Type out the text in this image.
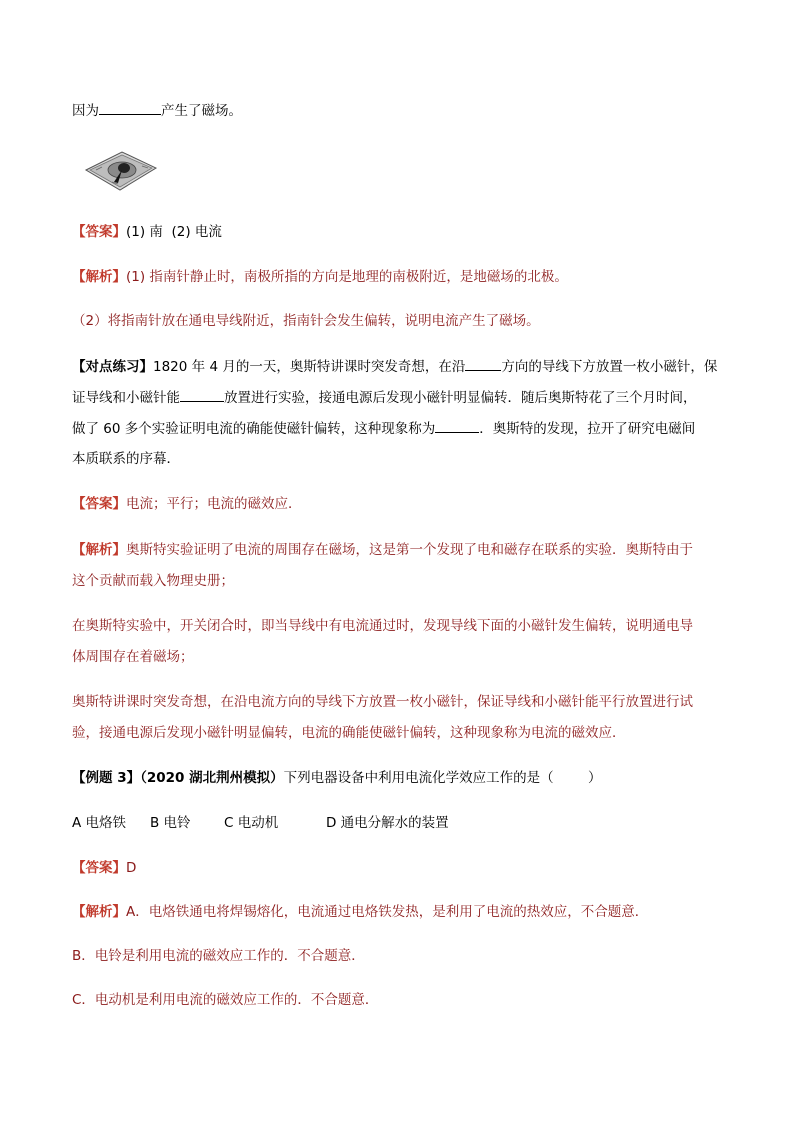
因为	产生了磁场。
【答案】(1) 南  (2) 电流
【解析】(1) 指南针静止时，南极所指的方向是地理的南极附近，是地磁场的北极。
（2）将指南针放在通电导线附近，指南针会发生偏转，说明电流产生了磁场。
【对点练习】1820 年 4 月的一天，奥斯特讲课时突发奇想，在沿	方向的导线下方放置一枚小磁针，保
证导线和小磁针能	放置进行实验，接通电源后发现小磁针明显偏转．随后奥斯特花了三个月时间，
做了 60 多个实验证明电流的确能使磁针偏转，这种现象称为	．奥斯特的发现，拉开了研究电磁间
本质联系的序幕．
【答案】电流；平行；电流的磁效应．
【解析】奥斯特实验证明了电流的周围存在磁场，这是第一个发现了电和磁存在联系的实验．奥斯特由于
这个贡献而载入物理史册；
在奥斯特实验中，开关闭合时，即当导线中有电流通过时，发现导线下面的小磁针发生偏转，说明通电导
体周围存在着磁场；
奥斯特讲课时突发奇想，在沿电流方向的导线下方放置一枚小磁针，保证导线和小磁针能平行放置进行试
验，接通电源后发现小磁针明显偏转，电流的确能使磁针偏转，这种现象称为电流的磁效应．
【例题 3】（2020 湖北荆州模拟）下列电器设备中利用电流化学效应工作的是（        ）
A 电烙铁 B 电铃 C 电动机	D 通电分解水的装置
【答案】D
【解析】A．电烙铁通电将焊锡熔化，电流通过电烙铁发热，是利用了电流的热效应，不合题意．
B．电铃是利用电流的磁效应工作的．不合题意．
C．电动机是利用电流的磁效应工作的．不合题意．
